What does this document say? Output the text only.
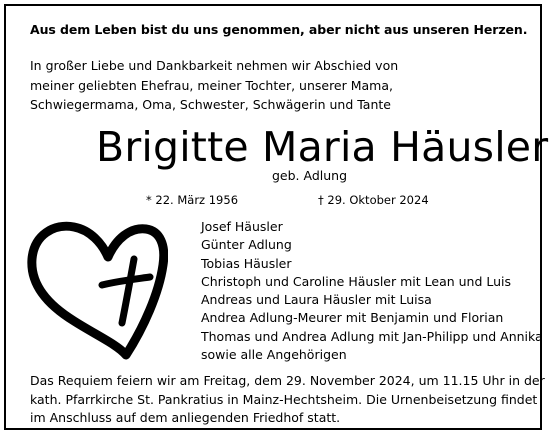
Aus dem Leben bist du uns genommen, aber nicht aus unseren Herzen.
In großer Liebe und Dankbarkeit nehmen wir Abschied von
meiner geliebten Ehefrau, meiner Tochter, unserer Mama,
Schwiegermama, Oma, Schwester, Schwägerin und Tante
Brigitte Maria Häusler
geb. Adlung
* 22. März 1956	† 29. Oktober 2024
Josef Häusler
Günter Adlung
Tobias Häusler
Christoph und Caroline Häusler mit Lean und Luis
Andreas und Laura Häusler mit Luisa
Andrea Adlung-Meurer mit Benjamin und Florian
Thomas und Andrea Adlung mit Jan-Philipp und Annika
sowie alle Angehörigen
Das Requiem feiern wir am Freitag, dem 29. November 2024, um 11.15 Uhr in der
kath. Pfarrkirche St. Pankratius in Mainz-Hechtsheim. Die Urnenbeisetzung findet
im Anschluss auf dem anliegenden Friedhof statt.
